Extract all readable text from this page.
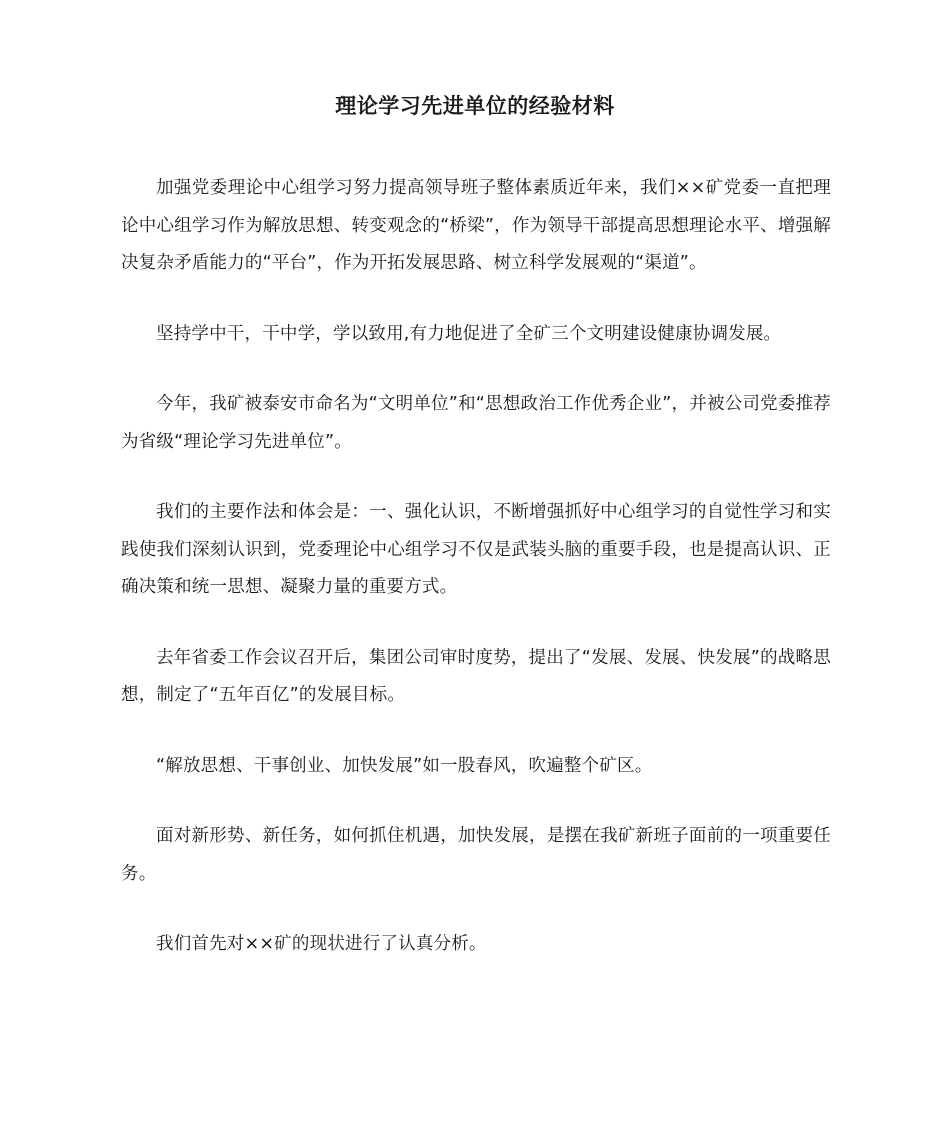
理论学习先进单位的经验材料

加强党委理论中心组学习努力提高领导班子整体素质近年来，我们××矿党委一直把理论中心组学习作为解放思想、转变观念的“桥梁”，作为领导干部提高思想理论水平、增强解决复杂矛盾能力的“平台”，作为开拓发展思路、树立科学发展观的“渠道”。

坚持学中干，干中学，学以致用,有力地促进了全矿三个文明建设健康协调发展。

今年，我矿被泰安市命名为“文明单位”和“思想政治工作优秀企业”，并被公司党委推荐为省级“理论学习先进单位”。

我们的主要作法和体会是：一、强化认识，不断增强抓好中心组学习的自觉性学习和实践使我们深刻认识到，党委理论中心组学习不仅是武装头脑的重要手段，也是提高认识、正确决策和统一思想、凝聚力量的重要方式。

去年省委工作会议召开后，集团公司审时度势，提出了“发展、发展、快发展”的战略思想，制定了“五年百亿”的发展目标。

“解放思想、干事创业、加快发展”如一股春风，吹遍整个矿区。

面对新形势、新任务，如何抓住机遇，加快发展，是摆在我矿新班子面前的一项重要任务。

我们首先对××矿的现状进行了认真分析。
